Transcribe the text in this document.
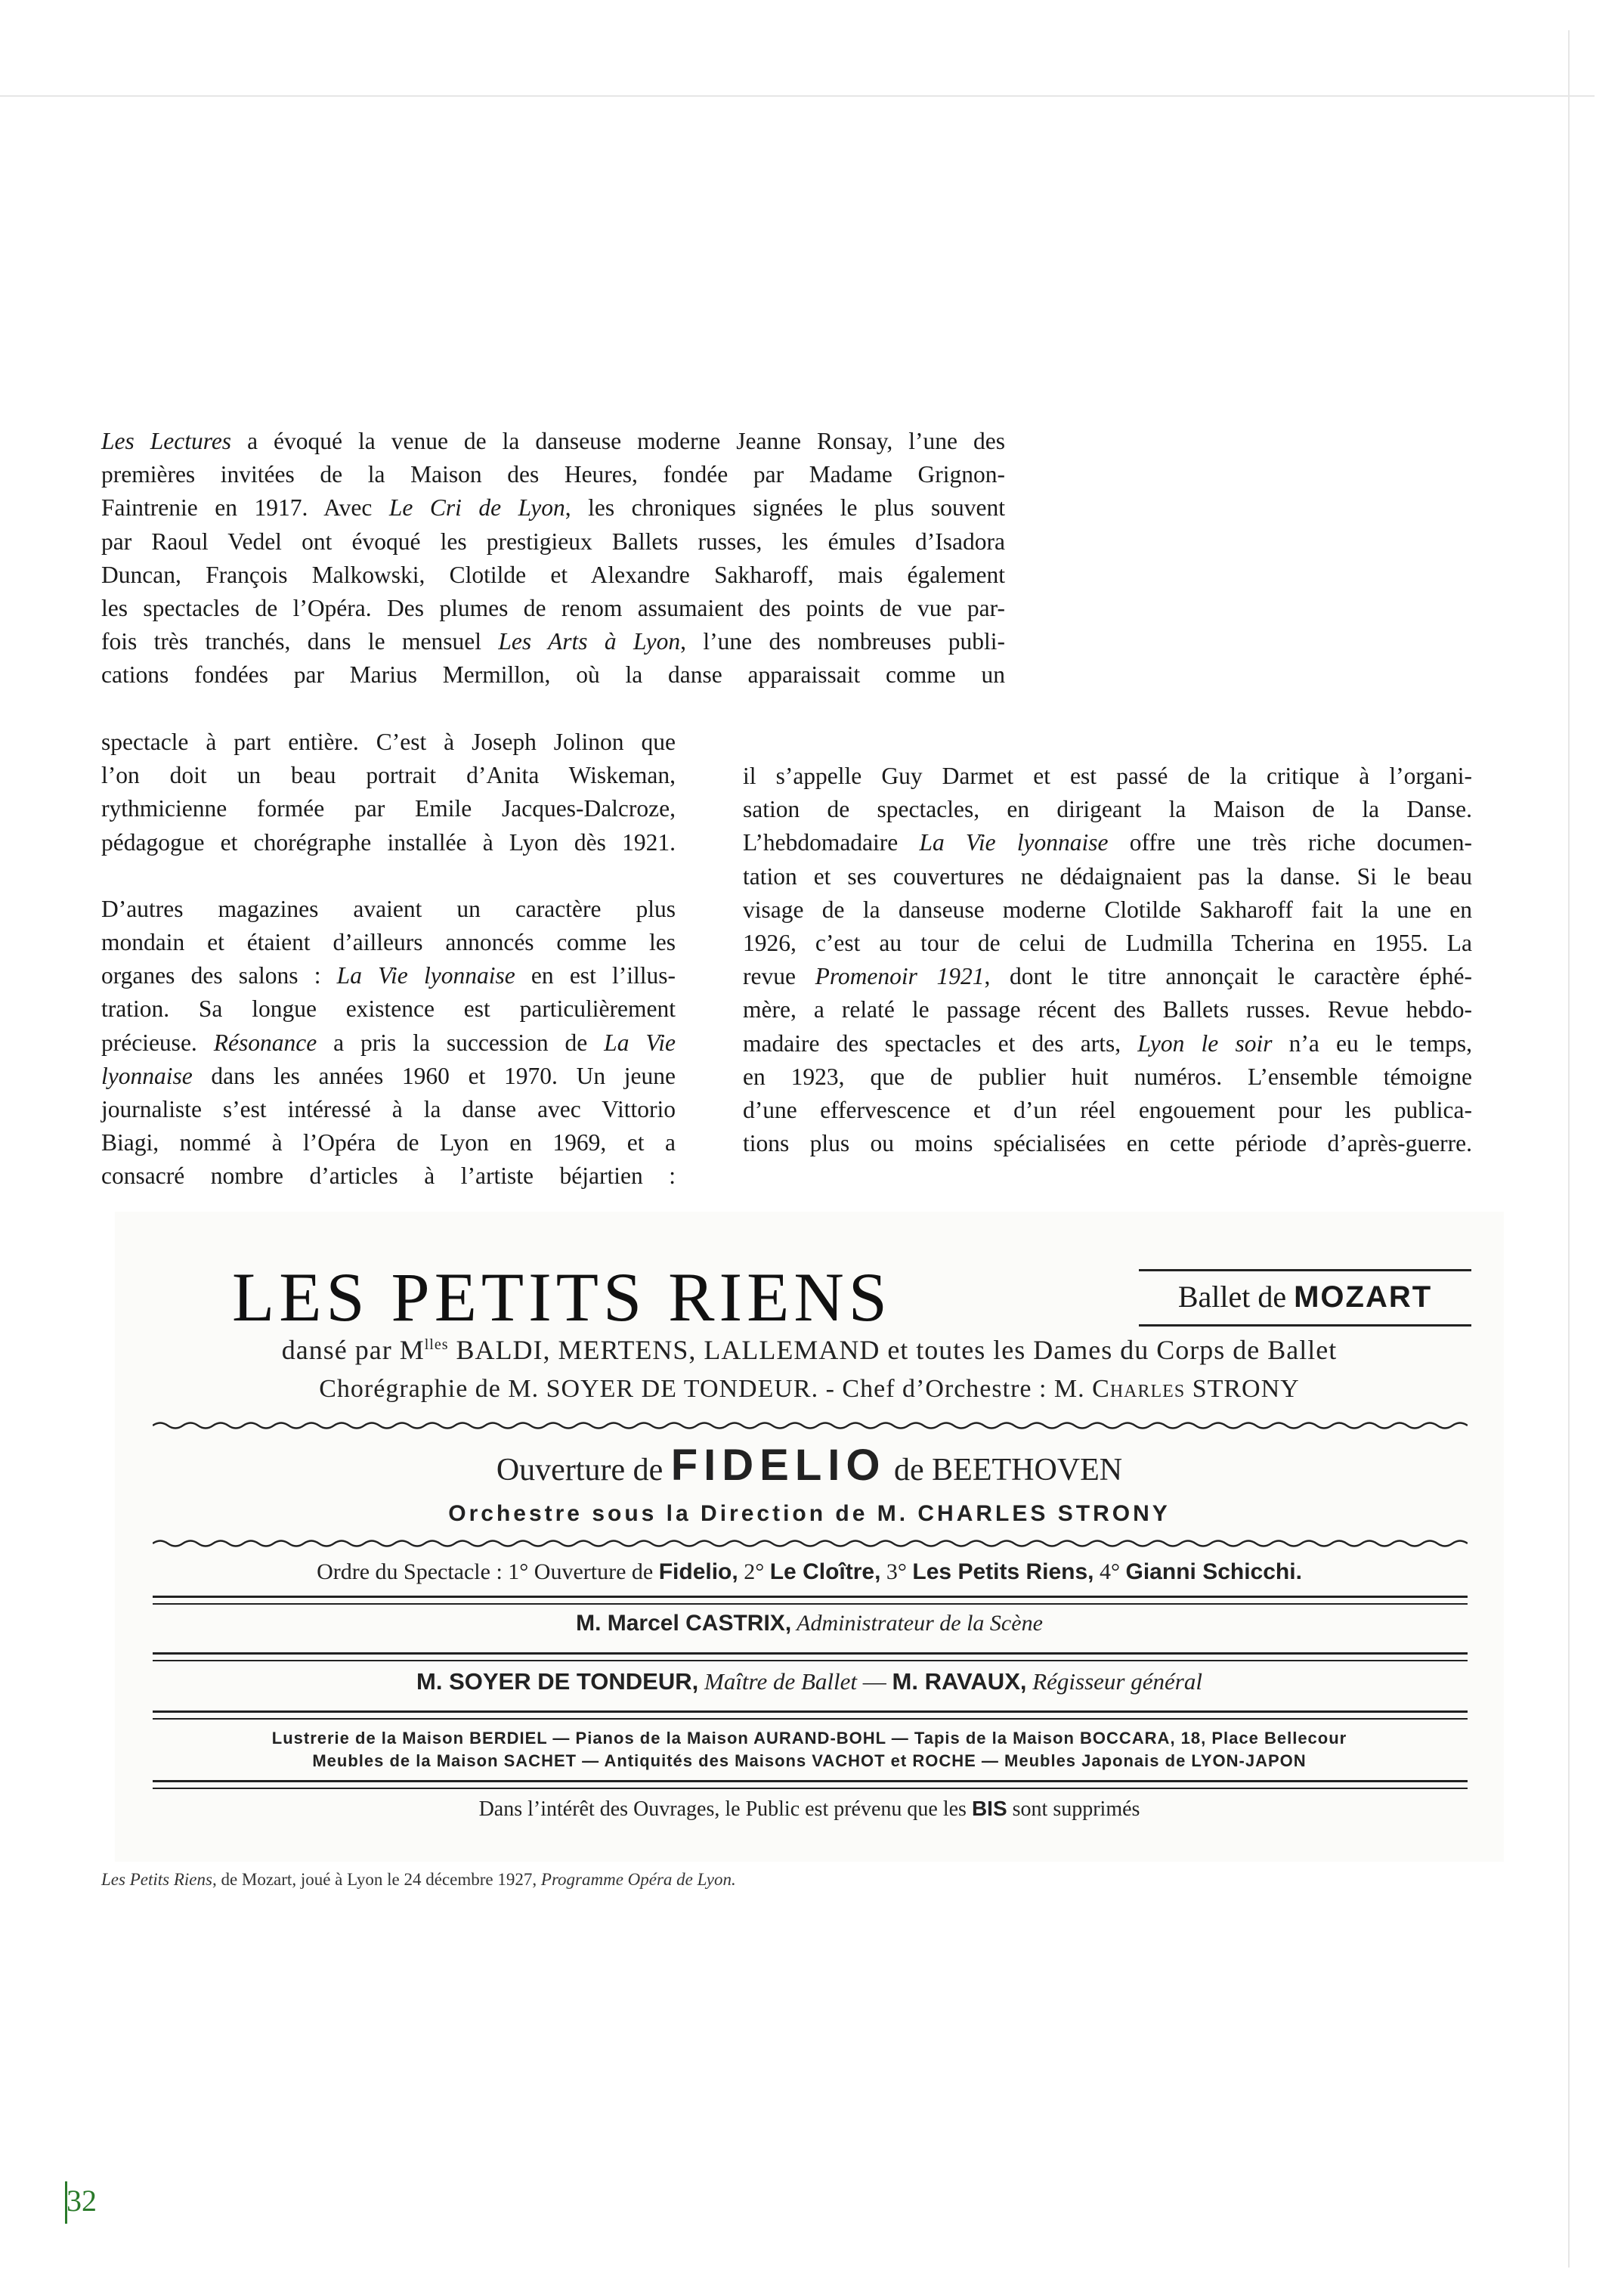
Les Lectures a évoqué la venue de la danseuse moderne Jeanne Ronsay, l’une des
premières invitées de la Maison des Heures, fondée par Madame Grignon-
Faintrenie en 1917. Avec Le Cri de Lyon, les chroniques signées le plus souvent
par Raoul Vedel ont évoqué les prestigieux Ballets russes, les émules d’Isadora
Duncan, François Malkowski, Clotilde et Alexandre Sakharoff, mais également
les spectacles de l’Opéra. Des plumes de renom assumaient des points de vue par-
fois très tranchés, dans le mensuel Les Arts à Lyon, l’une des nombreuses publi-
cations fondées par Marius Mermillon, où la danse apparaissait comme un

spectacle à part entière. C’est à Joseph Jolinon que
l’on doit un beau portrait d’Anita Wiskeman,
rythmicienne formée par Emile Jacques-Dalcroze,
pédagogue et chorégraphe installée à Lyon dès 1921.

D’autres magazines avaient un caractère plus
mondain et étaient d’ailleurs annoncés comme les
organes des salons : La Vie lyonnaise en est l’illus-
tration. Sa longue existence est particulièrement
précieuse. Résonance a pris la succession de La Vie
lyonnaise dans les années 1960 et 1970. Un jeune
journaliste s’est intéressé à la danse avec Vittorio
Biagi, nommé à l’Opéra de Lyon en 1969, et a
consacré nombre d’articles à l’artiste béjartien :

il s’appelle Guy Darmet et est passé de la critique à l’organi-
sation de spectacles, en dirigeant la Maison de la Danse.
L’hebdomadaire La Vie lyonnaise offre une très riche documen-
tation et ses couvertures ne dédaignaient pas la danse. Si le beau
visage de la danseuse moderne Clotilde Sakharoff fait la une en
1926, c’est au tour de celui de Ludmilla Tcherina en 1955. La
revue Promenoir 1921, dont le titre annonçait le caractère éphé-
mère, a relaté le passage récent des Ballets russes. Revue hebdo-
madaire des spectacles et des arts, Lyon le soir n’a eu le temps,
en 1923, que de publier huit numéros. L’ensemble témoigne
d’une effervescence et d’un réel engouement pour les publica-
tions plus ou moins spécialisées en cette période d’après-guerre.

LES PETITS RIENS	Ballet de MOZART
dansé par $M^{lles}$ BALDI, MERTENS, LALLEMAND et toutes les Dames du Corps de Ballet
Chorégraphie de M. SOYER DE TONDEUR. - Chef d’Orchestre : M. Charles STRONY
Ouverture de FIDELIO de BEETHOVEN
Orchestre sous la Direction de M. CHARLES STRONY
Ordre du Spectacle : 1° Ouverture de Fidelio, 2° Le Cloître, 3° Les Petits Riens, 4° Gianni Schicchi.
M. Marcel CASTRIX, Administrateur de la Scène
M. SOYER DE TONDEUR, Maître de Ballet — M. RAVAUX, Régisseur général
Lustrerie de la Maison BERDIEL — Pianos de la Maison AURAND-BOHL — Tapis de la Maison BOCCARA, 18, Place Bellecour
Meubles de la Maison SACHET — Antiquités des Maisons VACHOT et ROCHE — Meubles Japonais de LYON-JAPON
Dans l’intérêt des Ouvrages, le Public est prévenu que les BIS sont supprimés
Les Petits Riens, de Mozart, joué à Lyon le 24 décembre 1927, Programme Opéra de Lyon.
32
